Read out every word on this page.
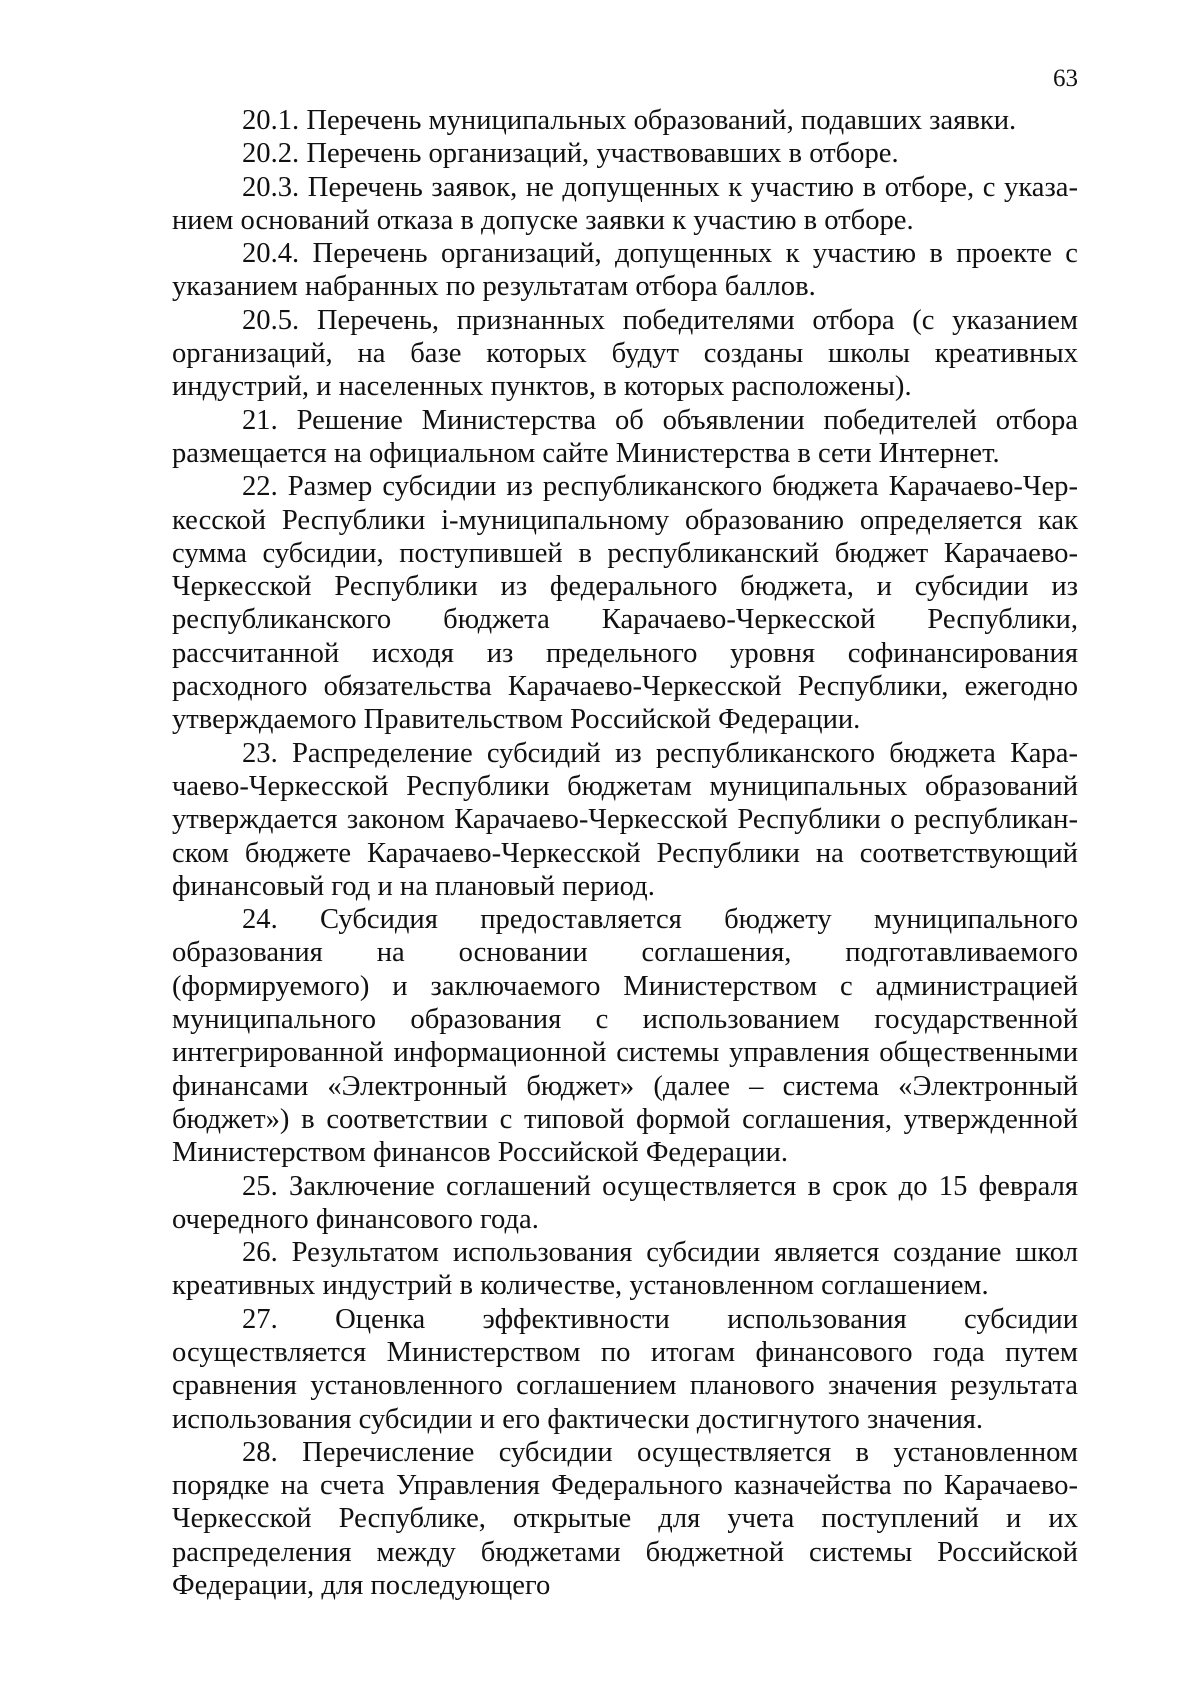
63

20.1. Перечень муниципальных образований, подавших заявки.

20.2. Перечень организаций, участвовавших в отборе.

20.3. Перечень заявок, не допущенных к участию в отборе, с указанием оснований отказа в допуске заявки к участию в отборе.

20.4. Перечень организаций, допущенных к участию в проекте с указанием набранных по результатам отбора баллов.

20.5. Перечень, признанных победителями отбора (с указанием организаций, на базе которых будут созданы школы креативных индустрий, и населенных пунктов, в которых расположены).

21. Решение Министерства об объявлении победителей отбора размещается на официальном сайте Министерства в сети Интернет.

22. Размер субсидии из республиканского бюджета Карачаево-Черкесской Республики i-муниципальному образованию определяется как сумма субсидии, поступившей в республиканский бюджет Карачаево-Черкесской Республики из федерального бюджета, и субсидии из республиканского бюджета Карачаево-Черкесской Республики, рассчитанной исходя из предельного уровня софинансирования расходного обязательства Карачаево-Черкесской Республики, ежегодно утверждаемого Правительством Российской Федерации.

23. Распределение субсидий из республиканского бюджета Карачаево-Черкесской Республики бюджетам муниципальных образований утверждается законом Карачаево-Черкесской Республики о республиканском бюджете Карачаево-Черкесской Республики на соответствующий финансовый год и на плановый период.

24. Субсидия предоставляется бюджету муниципального образования на основании соглашения, подготавливаемого (формируемого) и заключаемого Министерством с администрацией муниципального образования с использованием государственной интегрированной информационной системы управления общественными финансами «Электронный бюджет» (далее – система «Электронный бюджет») в соответствии с типовой формой соглашения, утвержденной Министерством финансов Российской Федерации.

25. Заключение соглашений осуществляется в срок до 15 февраля очередного финансового года.

26. Результатом использования субсидии является создание школ креативных индустрий в количестве, установленном соглашением.

27. Оценка эффективности использования субсидии осуществляется Министерством по итогам финансового года путем сравнения установленного соглашением планового значения результата использования субсидии и его фактически достигнутого значения.

28. Перечисление субсидии осуществляется в установленном порядке на счета Управления Федерального казначейства по Карачаево-Черкесской Республике, открытые для учета поступлений и их распределения между бюджетами бюджетной системы Российской Федерации, для последующего
